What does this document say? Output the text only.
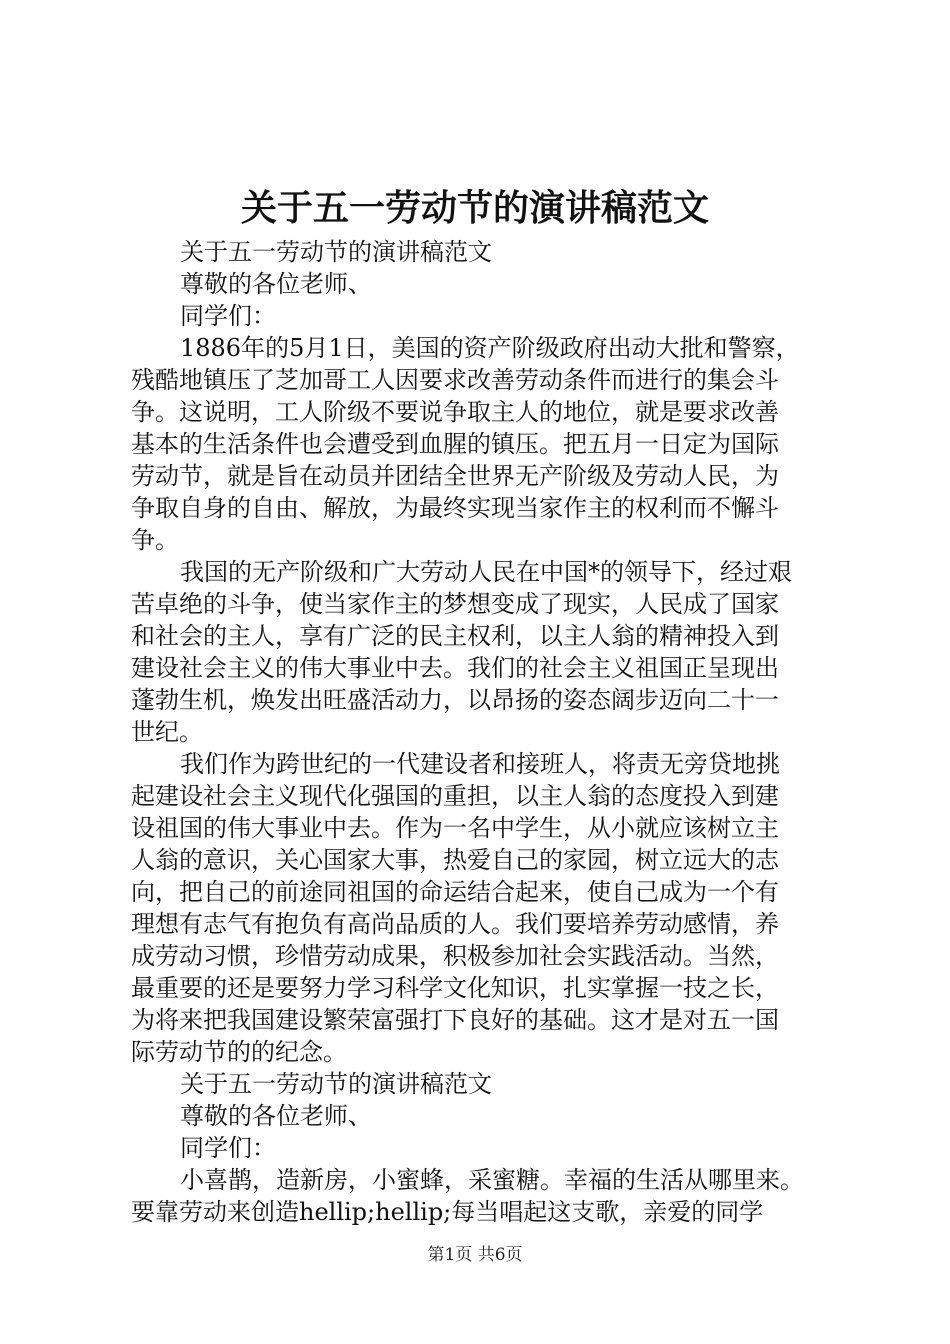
关于五一劳动节的演讲稿范文
关于五一劳动节的演讲稿范文
尊敬的各位老师、
同学们：
1886年的5月1日，美国的资产阶级政府出动大批和警察，
残酷地镇压了芝加哥工人因要求改善劳动条件而进行的集会斗
争。这说明，工人阶级不要说争取主人的地位，就是要求改善
基本的生活条件也会遭受到血腥的镇压。把五月一日定为国际
劳动节，就是旨在动员并团结全世界无产阶级及劳动人民，为
争取自身的自由、解放，为最终实现当家作主的权利而不懈斗
争。
我国的无产阶级和广大劳动人民在中国*的领导下，经过艰
苦卓绝的斗争，使当家作主的梦想变成了现实，人民成了国家
和社会的主人，享有广泛的民主权利，以主人翁的精神投入到
建设社会主义的伟大事业中去。我们的社会主义祖国正呈现出
蓬勃生机，焕发出旺盛活动力，以昂扬的姿态阔步迈向二十一
世纪。
我们作为跨世纪的一代建设者和接班人，将责无旁贷地挑
起建设社会主义现代化强国的重担，以主人翁的态度投入到建
设祖国的伟大事业中去。作为一名中学生，从小就应该树立主
人翁的意识，关心国家大事，热爱自己的家园，树立远大的志
向，把自己的前途同祖国的命运结合起来，使自己成为一个有
理想有志气有抱负有高尚品质的人。我们要培养劳动感情，养
成劳动习惯，珍惜劳动成果，积极参加社会实践活动。当然，
最重要的还是要努力学习科学文化知识，扎实掌握一技之长，
为将来把我国建设繁荣富强打下良好的基础。这才是对五一国
际劳动节的的纪念。
关于五一劳动节的演讲稿范文
尊敬的各位老师、
同学们：
小喜鹊，造新房，小蜜蜂，采蜜糖。幸福的生活从哪里来。
要靠劳动来创造hellip;hellip;每当唱起这支歌，亲爱的同学
第1页 共6页
